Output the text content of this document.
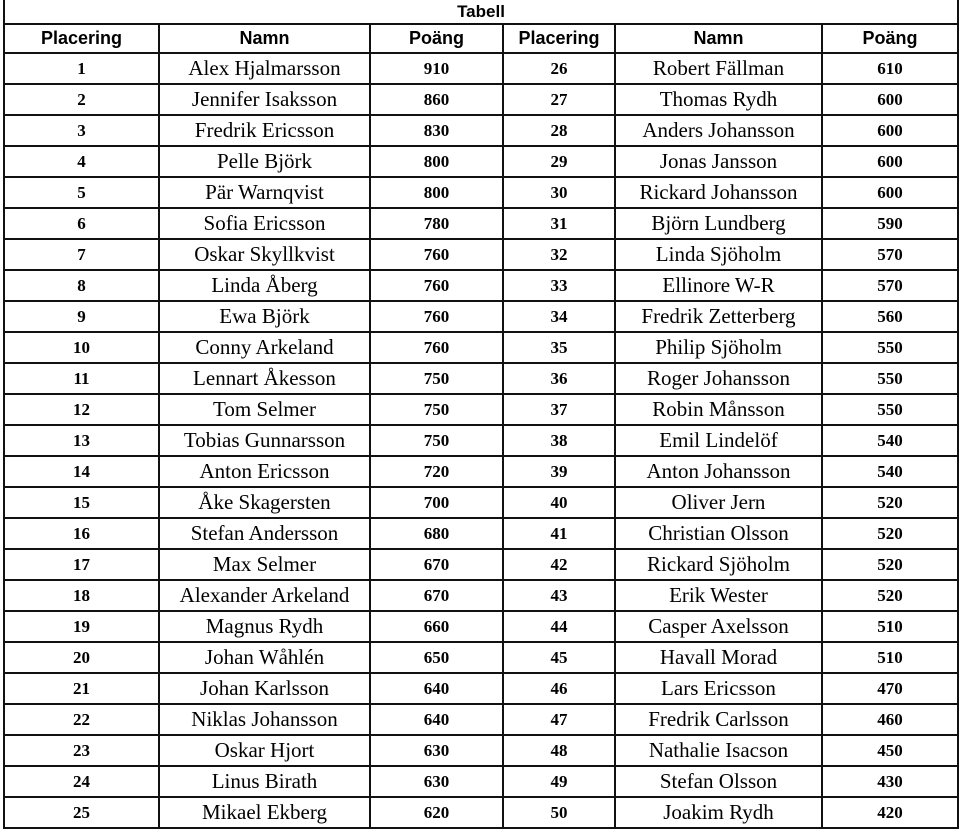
Tabell					
Placering	Namn	Poäng	Placering	Namn	Poäng
1	Alex Hjalmarsson	910	26	Robert Fällman	610
2	Jennifer Isaksson	860	27	Thomas Rydh	600
3	Fredrik Ericsson	830	28	Anders Johansson	600
4	Pelle Björk	800	29	Jonas Jansson	600
5	Pär Warnqvist	800	30	Rickard Johansson	600
6	Sofia Ericsson	780	31	Björn Lundberg	590
7	Oskar Skyllkvist	760	32	Linda Sjöholm	570
8	Linda Åberg	760	33	Ellinore W-R	570
9	Ewa Björk	760	34	Fredrik Zetterberg	560
10	Conny Arkeland	760	35	Philip Sjöholm	550
11	Lennart Åkesson	750	36	Roger Johansson	550
12	Tom Selmer	750	37	Robin Månsson	550
13	Tobias Gunnarsson	750	38	Emil Lindelöf	540
14	Anton Ericsson	720	39	Anton Johansson	540
15	Åke Skagersten	700	40	Oliver Jern	520
16	Stefan Andersson	680	41	Christian Olsson	520
17	Max Selmer	670	42	Rickard Sjöholm	520
18	Alexander Arkeland	670	43	Erik Wester	520
19	Magnus Rydh	660	44	Casper Axelsson	510
20	Johan Wåhlén	650	45	Havall Morad	510
21	Johan Karlsson	640	46	Lars Ericsson	470
22	Niklas Johansson	640	47	Fredrik Carlsson	460
23	Oskar Hjort	630	48	Nathalie Isacson	450
24	Linus Birath	630	49	Stefan Olsson	430
25	Mikael Ekberg	620	50	Joakim Rydh	420
